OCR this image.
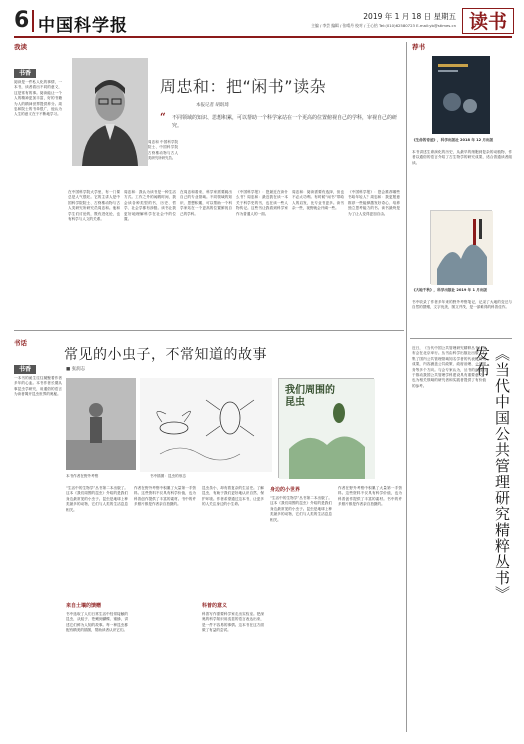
6 中国科学报	2019 年 1 月 18 日 星期五
主编 / 李芸 编辑 / 张晴丹 校对 / 王心怡 Tel:(010)62580723 E-mail:yb@stimes.cn 读书
我读
书香
阅读是一件私人化的事情，一本书，读者看出不同的意义，这是常有的事。阅读能让一个人的精神更加丰富，好的书籍为人的精神世界提供养分。周忠和院士的书单很广，他认为人生的意义在于不断地学习。
周忠和 中国科学院院士、中国科学院古脊椎动物与古人类研究所研究员。
周忠和：把“闲书”读杂
本报记者 胡珉琦
“ 不同领域的知识、思想积累，可以帮助一个科学家站在一个更高的位置俯视自己的学科，审视自己的研究。
在中国科学院大学里，有一门课总是人气很旺。它的主讲人是中国科学院院士、古脊椎动物与古人类研究所研究员周忠和。他和学生们讨论的，既有进化论，也有科学与人文的关系。
周忠和：我认为读书是一种生活方式。工作之外的闲暇时间，我会读各种类型的书，历史、哲学、社会学都有涉猎。读书让我更好地理解科学在社会中的位置。
在周忠和看来，科学家需要跳出自己的专业领域。不同领域的知识、思想积累，可以帮助一个科学家站在一个更高的位置俯视自己的学科。
《中国科学报》：您最近在读什么书？周忠和：最近我在读一本关于科学史的书，也在读一些人物传记。这些书让我看到科学家作为普通人的一面。
周忠和：阅读需要有选择，但也不必太功利。有时候“闲书”带给人的启发，比专业书更多。读书杂一些，视野就会开阔一些。
《中国科学报》：您会推荐哪些书给年轻人？周忠和：我更愿意推荐一些能够激发好奇心、培养独立思考能力的书。读书最终是为了让人变得更加自由。
荐书
《生命的奇迹》，科学出版社 2018 年 12 月出版
本书讲述生命演化的历史，从最早的细胞到复杂的动植物，作者以通俗的语言介绍了古生物学的研究成果，适合普通读者阅读。
《大地千秋》，科学出版社 2019 年 1 月出版
书中收录了作者多年来的野外考察笔记，记录了大地的变迁与自然的馈赠，文字优美，图文并茂，是一部难得的科普佳作。
书话
书香
一本书的诞生往往凝聚着作者多年的心血。本书作者长期从事昆虫学研究，用通俗的语言为读者揭开昆虫世界的奥秘。
常见的小虫子，不常知道的故事
■ 张润志
本书作者在野外考察	书中插图：昆虫的形态
我们周围的昆虫
“生活中的生物学”丛书第二本出版了。这本《我们周围的昆虫》介绍的是我们身边最常见的小虫子。昆虫是地球上种类最多的动物，它们与人类的生活息息相关。
来自土壤的馈赠
书中选取了人们日常生活中经常接触的昆虫，从蚊子、苍蝇到蝴蝶、蜜蜂，讲述它们鲜为人知的故事。每一种昆虫都配有精美的插图，帮助读者认识它们。
作者在野外考察中积累了大量第一手资料。这些资料不仅具有科学价值，也为科普创作提供了丰富的素材。书中的许多照片都是作者亲自拍摄的。
昆虫虽小，却有着复杂的生活史。了解昆虫，有助于我们更好地认识自然、保护环境。作者希望通过这本书，让更多的人关注身边的小生命。
科普的意义
科普写作需要科学家走出实验室。把深奥的科学知识用浅显的语言表达出来，是一件不容易的事情。这本书在这方面做了有益的尝试。
身边的小世界
“生活中的生物学”丛书第二本出版了。这本《我们周围的昆虫》介绍的是我们身边最常见的小虫子。昆虫是地球上种类最多的动物，它们与人类的生活息息相关。
作者在野外考察中积累了大量第一手资料。这些资料不仅具有科学价值，也为科普创作提供了丰富的素材。书中的许多照片都是作者亲自拍摄的。	《当代中国公共管理研究精粹丛书》发布
近日，《当代中国公共管理研究精粹丛书》发布会在北京举行。丛书由科学出版社出版，汇集了国内公共管理领域知名学者的代表性研究成果，内容涵盖公共政策、政府治理、公共服务等多个方向。与会专家认为，丛书的出版对于推动我国公共管理学科建设具有重要意义，也为相关领域的研究者和实践者提供了有价值的参考。
